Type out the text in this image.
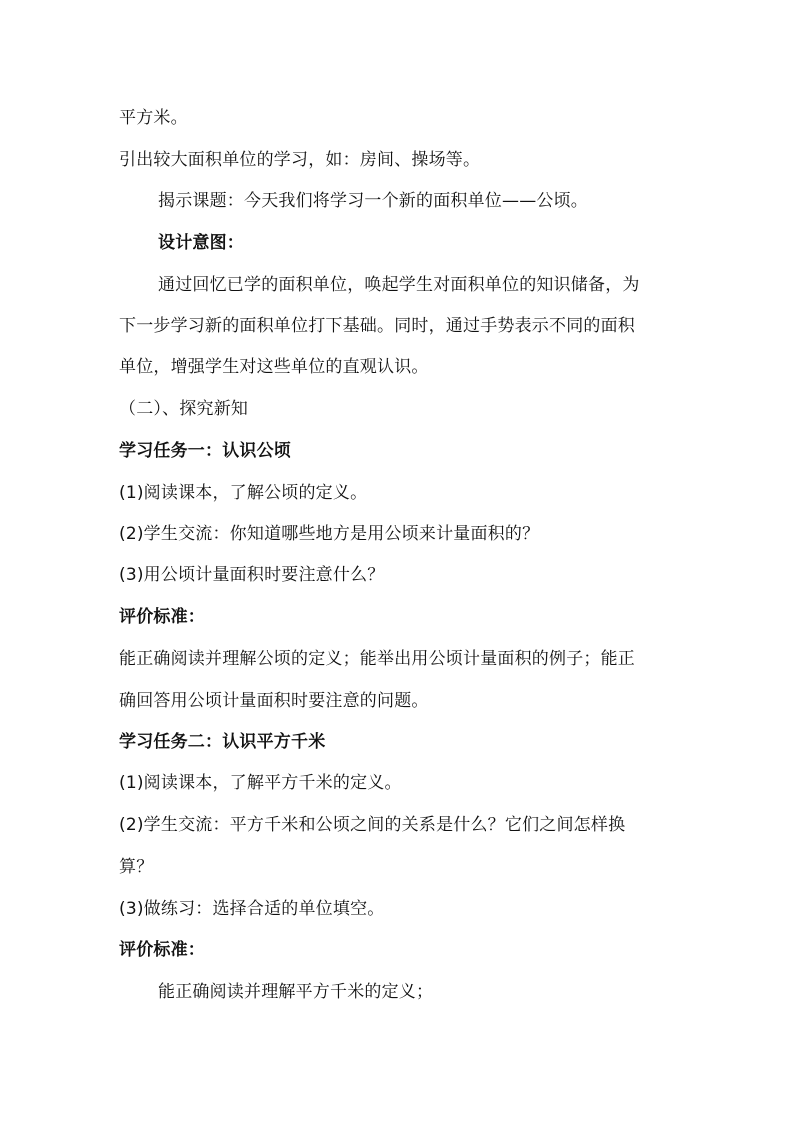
平方米。
引出较大面积单位的学习，如：房间、操场等。
揭示课题：今天我们将学习一个新的面积单位——公顷。
设计意图：
通过回忆已学的面积单位，唤起学生对面积单位的知识储备，为
下一步学习新的面积单位打下基础。同时，通过手势表示不同的面积
单位，增强学生对这些单位的直观认识。
（二）、探究新知
学习任务一：认识公顷
(1)阅读课本，了解公顷的定义。
(2)学生交流：你知道哪些地方是用公顷来计量面积的？
(3)用公顷计量面积时要注意什么？
评价标准：
能正确阅读并理解公顷的定义；能举出用公顷计量面积的例子；能正
确回答用公顷计量面积时要注意的问题。
学习任务二：认识平方千米
(1)阅读课本，了解平方千米的定义。
(2)学生交流：平方千米和公顷之间的关系是什么？它们之间怎样换
算？
(3)做练习：选择合适的单位填空。
评价标准：
能正确阅读并理解平方千米的定义；
